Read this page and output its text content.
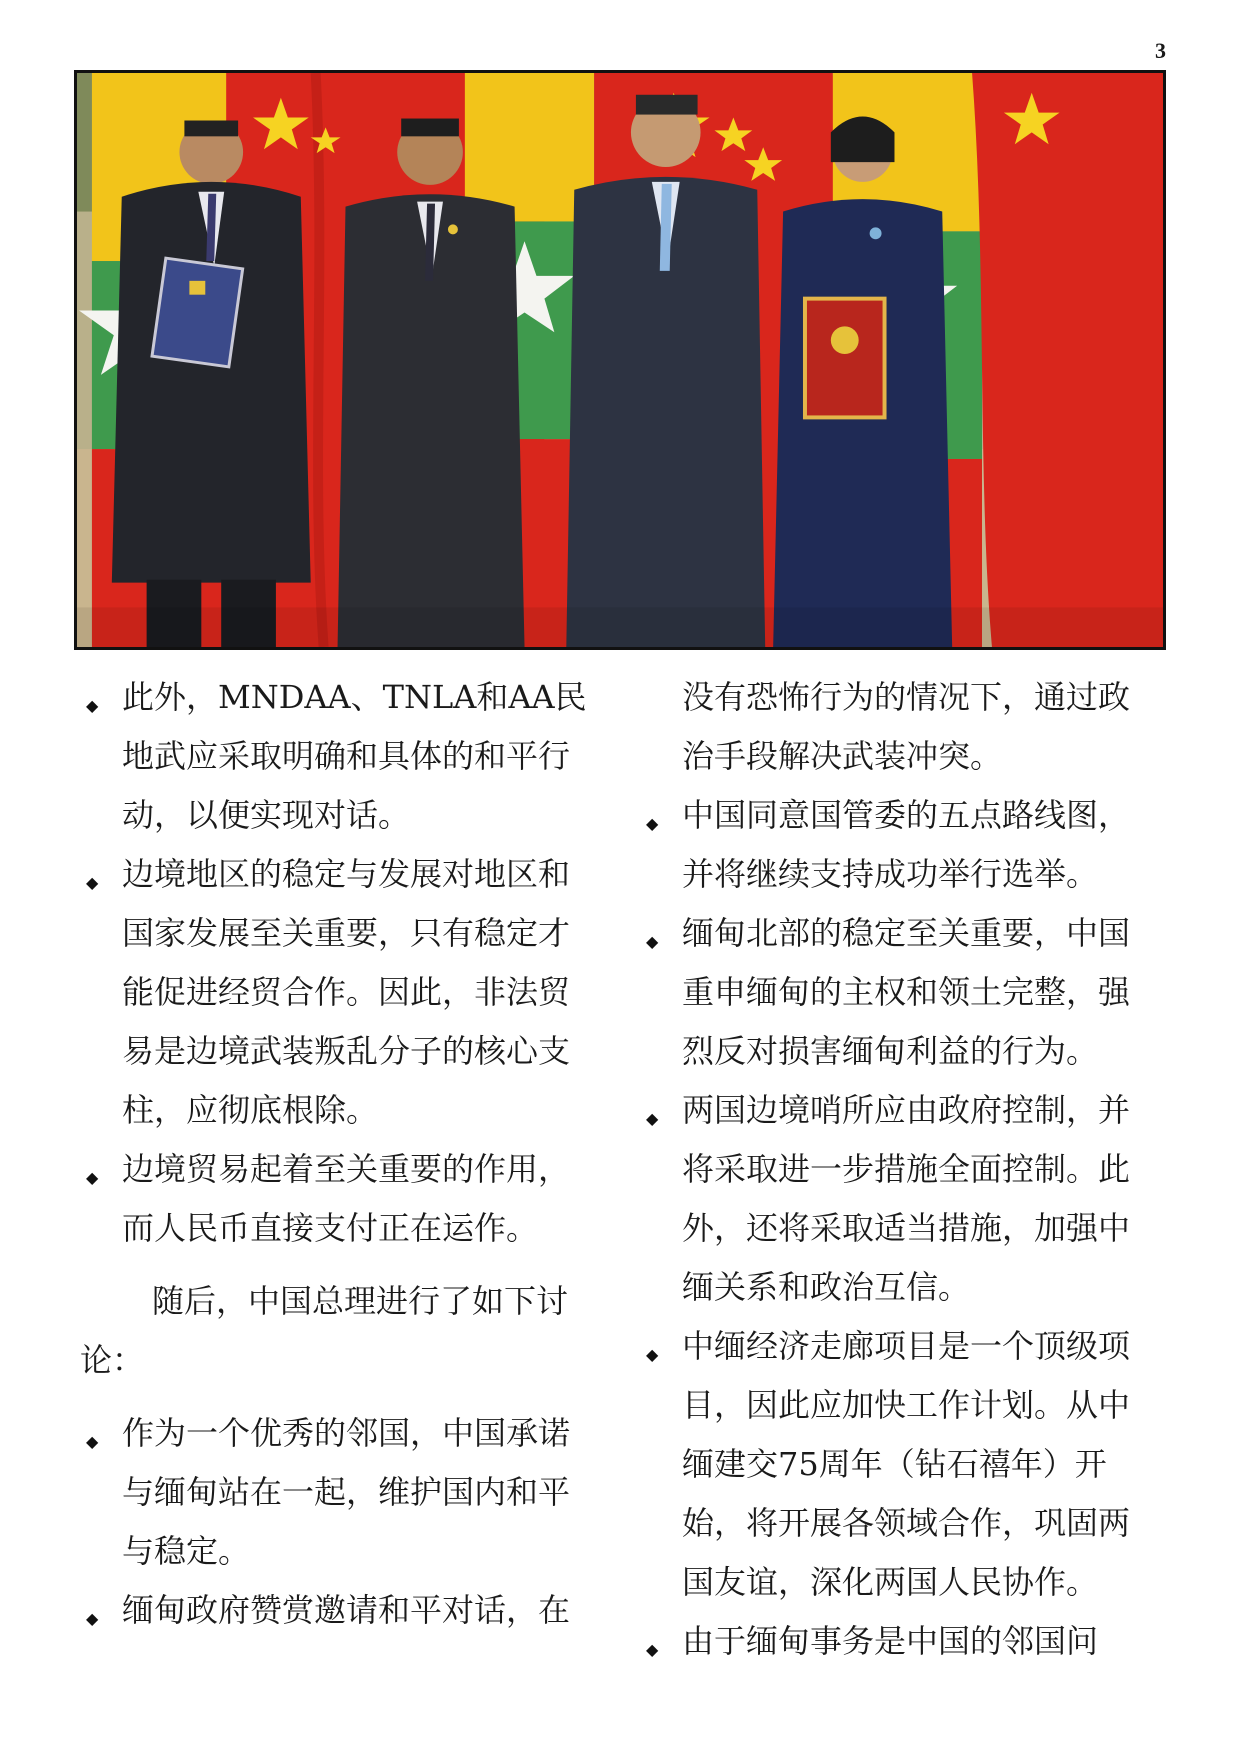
3
◆ 此外，MNDAA、TNLA和AA民地武应采取明确和具体的和平行动，以便实现对话。
◆ 边境地区的稳定与发展对地区和国家发展至关重要，只有稳定才能促进经贸合作。因此，非法贸易是边境武装叛乱分子的核心支柱，应彻底根除。
◆ 边境贸易起着至关重要的作用，而人民币直接支付正在运作。

随后，中国总理进行了如下讨论：

◆ 作为一个优秀的邻国，中国承诺与缅甸站在一起，维护国内和平与稳定。
◆ 缅甸政府赞赏邀请和平对话，在

没有恐怖行为的情况下，通过政治手段解决武装冲突。

◆ 中国同意国管委的五点路线图，并将继续支持成功举行选举。
◆ 缅甸北部的稳定至关重要，中国重申缅甸的主权和领土完整，强烈反对损害缅甸利益的行为。
◆ 两国边境哨所应由政府控制，并将采取进一步措施全面控制。此外，还将采取适当措施，加强中缅关系和政治互信。
◆ 中缅经济走廊项目是一个顶级项目，因此应加快工作计划。从中缅建交75周年（钻石禧年）开始，将开展各领域合作，巩固两国友谊，深化两国人民协作。
◆ 由于缅甸事务是中国的邻国问
